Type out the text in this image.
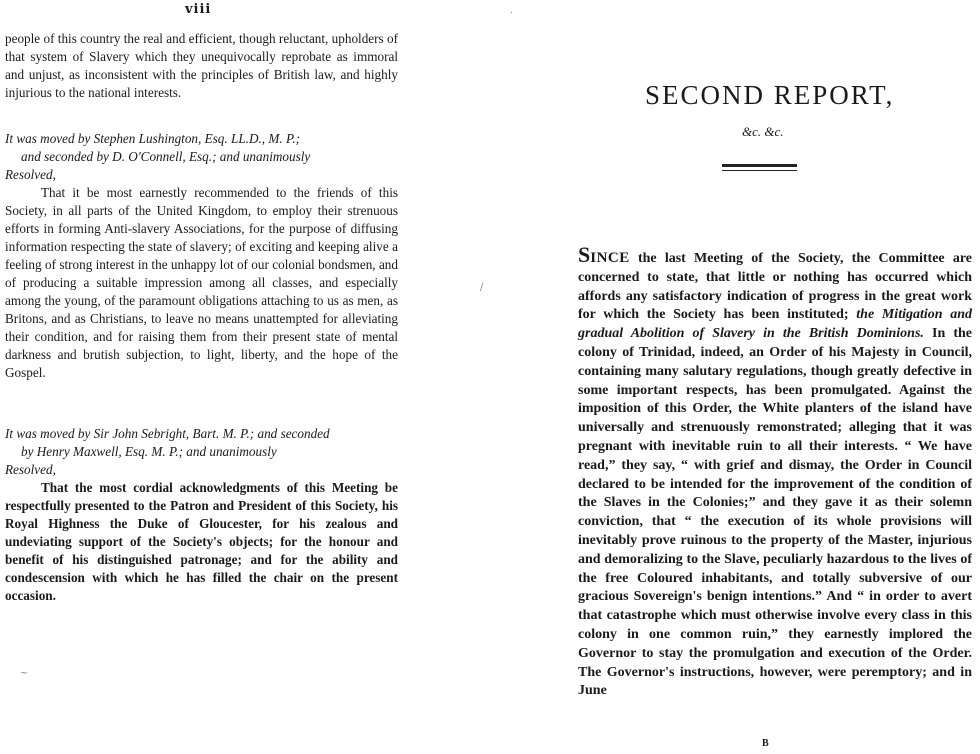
viii

people of this country the real and efficient, though reluctant, upholders of that system of Slavery which they unequivocally reprobate as immoral and unjust, as inconsistent with the principles of British law, and highly injurious to the national interests.

It was moved by Stephen Lushington, Esq. LL.D., M. P.;
and seconded by D. O'Connell, Esq.; and unanimously

Resolved,

That it be most earnestly recommended to the friends of this Society, in all parts of the United Kingdom, to employ their strenuous efforts in forming Anti-slavery Associations, for the purpose of diffusing information respecting the state of slavery; of exciting and keeping alive a feeling of strong interest in the unhappy lot of our colonial bondsmen, and of producing a suitable impression among all classes, and especially among the young, of the paramount obligations attaching to us as men, as Britons, and as Christians, to leave no means unattempted for alleviating their condition, and for raising them from their present state of mental darkness and brutish subjection, to light, liberty, and the hope of the Gospel.

It was moved by Sir John Sebright, Bart. M. P.; and seconded
by Henry Maxwell, Esq. M. P.; and unanimously

Resolved,

That the most cordial acknowledgments of this Meeting be respectfully presented to the Patron and President of this Society, his Royal Highness the Duke of Gloucester, for his zealous and undeviating support of the Society's objects; for the honour and benefit of his distinguished patronage; and for the ability and condescension with which he has filled the chair on the present occasion.

~
/
SECOND REPORT,
&c. &c.

SINCE the last Meeting of the Society, the Committee are concerned to state, that little or nothing has occurred which affords any satisfactory indication of progress in the great work for which the Society has been instituted; the Mitigation and gradual Abolition of Slavery in the British Dominions. In the colony of Trinidad, indeed, an Order of his Majesty in Council, containing many salutary regulations, though greatly defective in some important respects, has been promulgated. Against the imposition of this Order, the White planters of the island have universally and strenuously remonstrated; alleging that it was pregnant with inevitable ruin to all their interests. “ We have read,” they say, “ with grief and dismay, the Order in Council declared to be intended for the improvement of the condition of the Slaves in the Colonies;” and they gave it as their solemn conviction, that “ the execution of its whole provisions will inevitably prove ruinous to the property of the Master, injurious and demoralizing to the Slave, peculiarly hazardous to the lives of the free Coloured inhabitants, and totally subversive of our gracious Sovereign's benign intentions.” And “ in order to avert that catastrophe which must otherwise involve every class in this colony in one common ruin,” they earnestly implored the Governor to stay the promulgation and execution of the Order. The Governor's instructions, however, were peremptory; and in June

B
·
